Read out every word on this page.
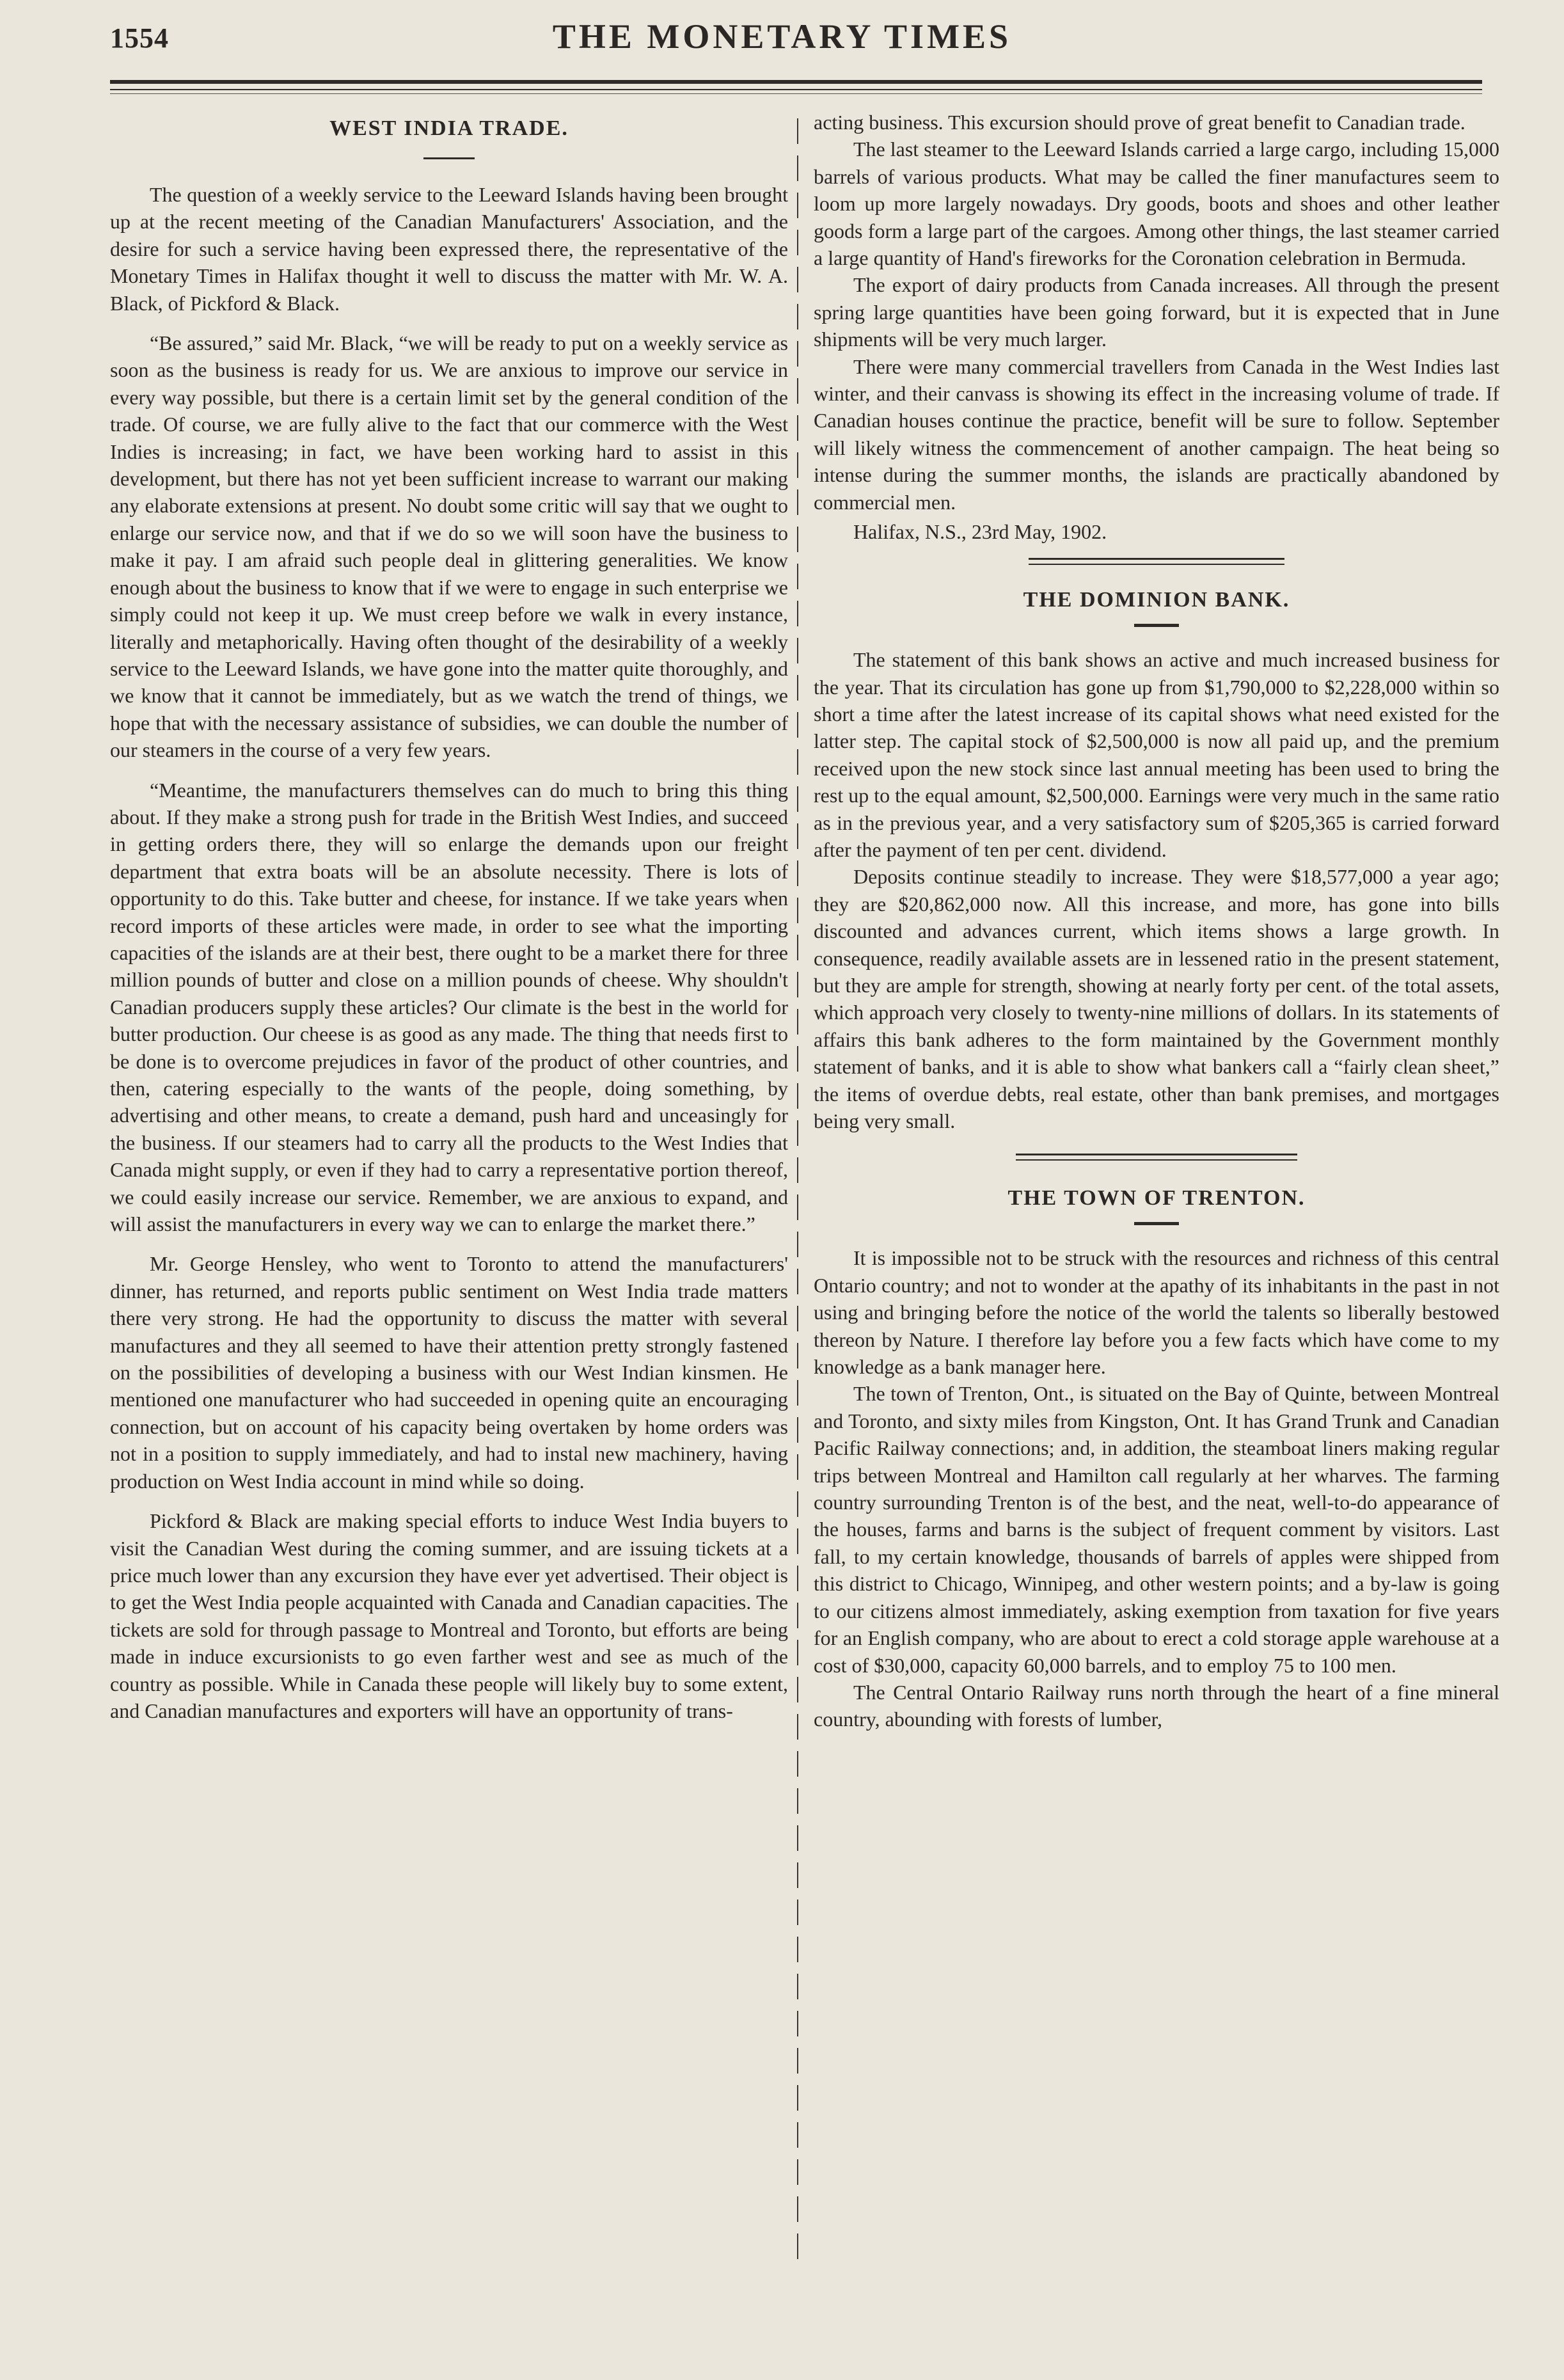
1554	THE MONETARY TIMES
WEST INDIA TRADE.

The question of a weekly service to the Leeward Islands having been brought up at the recent meeting of the Canadian Manufacturers' Association, and the desire for such a service having been expressed there, the representative of the Monetary Times in Halifax thought it well to discuss the matter with Mr. W. A. Black, of Pickford & Black.

“Be assured,” said Mr. Black, “we will be ready to put on a weekly service as soon as the business is ready for us. We are anxious to improve our service in every way possible, but there is a certain limit set by the general condition of the trade. Of course, we are fully alive to the fact that our commerce with the West Indies is increasing; in fact, we have been working hard to assist in this development, but there has not yet been sufficient increase to warrant our making any elaborate extensions at present. No doubt some critic will say that we ought to enlarge our service now, and that if we do so we will soon have the business to make it pay. I am afraid such people deal in glittering generalities. We know enough about the business to know that if we were to engage in such enterprise we simply could not keep it up. We must creep before we walk in every instance, literally and metaphorically. Having often thought of the desirability of a weekly service to the Leeward Islands, we have gone into the matter quite thoroughly, and we know that it cannot be immediately, but as we watch the trend of things, we hope that with the necessary assistance of subsidies, we can double the number of our steamers in the course of a very few years.

“Meantime, the manufacturers themselves can do much to bring this thing about. If they make a strong push for trade in the British West Indies, and succeed in getting orders there, they will so enlarge the demands upon our freight department that extra boats will be an absolute necessity. There is lots of opportunity to do this. Take butter and cheese, for instance. If we take years when record imports of these articles were made, in order to see what the importing capacities of the islands are at their best, there ought to be a market there for three million pounds of butter and close on a million pounds of cheese. Why shouldn't Canadian producers supply these articles? Our climate is the best in the world for butter production. Our cheese is as good as any made. The thing that needs first to be done is to overcome prejudices in favor of the product of other countries, and then, catering especially to the wants of the people, doing something, by advertising and other means, to create a demand, push hard and unceasingly for the business. If our steamers had to carry all the products to the West Indies that Canada might supply, or even if they had to carry a representative portion thereof, we could easily increase our service. Remember, we are anxious to expand, and will assist the manufacturers in every way we can to enlarge the market there.”

Mr. George Hensley, who went to Toronto to attend the manufacturers' dinner, has returned, and reports public sentiment on West India trade matters there very strong. He had the opportunity to discuss the matter with several manufactures and they all seemed to have their attention pretty strongly fastened on the possibilities of developing a business with our West Indian kinsmen. He mentioned one manufacturer who had succeeded in opening quite an encouraging connection, but on account of his capacity being overtaken by home orders was not in a position to supply immediately, and had to instal new machinery, having production on West India account in mind while so doing.

Pickford & Black are making special efforts to induce West India buyers to visit the Canadian West during the coming summer, and are issuing tickets at a price much lower than any excursion they have ever yet advertised. Their object is to get the West India people acquainted with Canada and Canadian capacities. The tickets are sold for through passage to Montreal and Toronto, but efforts are being made in induce excursionists to go even farther west and see as much of the country as possible. While in Canada these people will likely buy to some extent, and Canadian manufactures and exporters will have an opportunity of trans-

acting business. This excursion should prove of great benefit to Canadian trade.

The last steamer to the Leeward Islands carried a large cargo, including 15,000 barrels of various products. What may be called the finer manufactures seem to loom up more largely nowadays. Dry goods, boots and shoes and other leather goods form a large part of the cargoes. Among other things, the last steamer carried a large quantity of Hand's fireworks for the Coronation celebration in Bermuda.

The export of dairy products from Canada increases. All through the present spring large quantities have been going forward, but it is expected that in June shipments will be very much larger.

There were many commercial travellers from Canada in the West Indies last winter, and their canvass is showing its effect in the increasing volume of trade. If Canadian houses continue the practice, benefit will be sure to follow. September will likely witness the commencement of another campaign. The heat being so intense during the summer months, the islands are practically abandoned by commercial men.

Halifax, N.S., 23rd May, 1902.

THE DOMINION BANK.

The statement of this bank shows an active and much increased business for the year. That its circulation has gone up from $1,790,000 to $2,228,000 within so short a time after the latest increase of its capital shows what need existed for the latter step. The capital stock of $2,500,000 is now all paid up, and the premium received upon the new stock since last annual meeting has been used to bring the rest up to the equal amount, $2,500,000. Earnings were very much in the same ratio as in the previous year, and a very satisfactory sum of $205,365 is carried forward after the payment of ten per cent. dividend.

Deposits continue steadily to increase. They were $18,577,000 a year ago; they are $20,862,000 now. All this increase, and more, has gone into bills discounted and advances current, which items shows a large growth. In consequence, readily available assets are in lessened ratio in the present statement, but they are ample for strength, showing at nearly forty per cent. of the total assets, which approach very closely to twenty-nine millions of dollars. In its statements of affairs this bank adheres to the form maintained by the Government monthly statement of banks, and it is able to show what bankers call a “fairly clean sheet,” the items of overdue debts, real estate, other than bank premises, and mortgages being very small.

THE TOWN OF TRENTON.

It is impossible not to be struck with the resources and richness of this central Ontario country; and not to wonder at the apathy of its inhabitants in the past in not using and bringing before the notice of the world the talents so liberally bestowed thereon by Nature. I therefore lay before you a few facts which have come to my knowledge as a bank manager here.

The town of Trenton, Ont., is situated on the Bay of Quinte, between Montreal and Toronto, and sixty miles from Kingston, Ont. It has Grand Trunk and Canadian Pacific Railway connections; and, in addition, the steamboat liners making regular trips between Montreal and Hamilton call regularly at her wharves. The farming country surrounding Trenton is of the best, and the neat, well-to-do appearance of the houses, farms and barns is the subject of frequent comment by visitors. Last fall, to my certain knowledge, thousands of barrels of apples were shipped from this district to Chicago, Winnipeg, and other western points; and a by-law is going to our citizens almost immediately, asking exemption from taxation for five years for an English company, who are about to erect a cold storage apple warehouse at a cost of $30,000, capacity 60,000 barrels, and to employ 75 to 100 men.

The Central Ontario Railway runs north through the heart of a fine mineral country, abounding with forests of lumber,
